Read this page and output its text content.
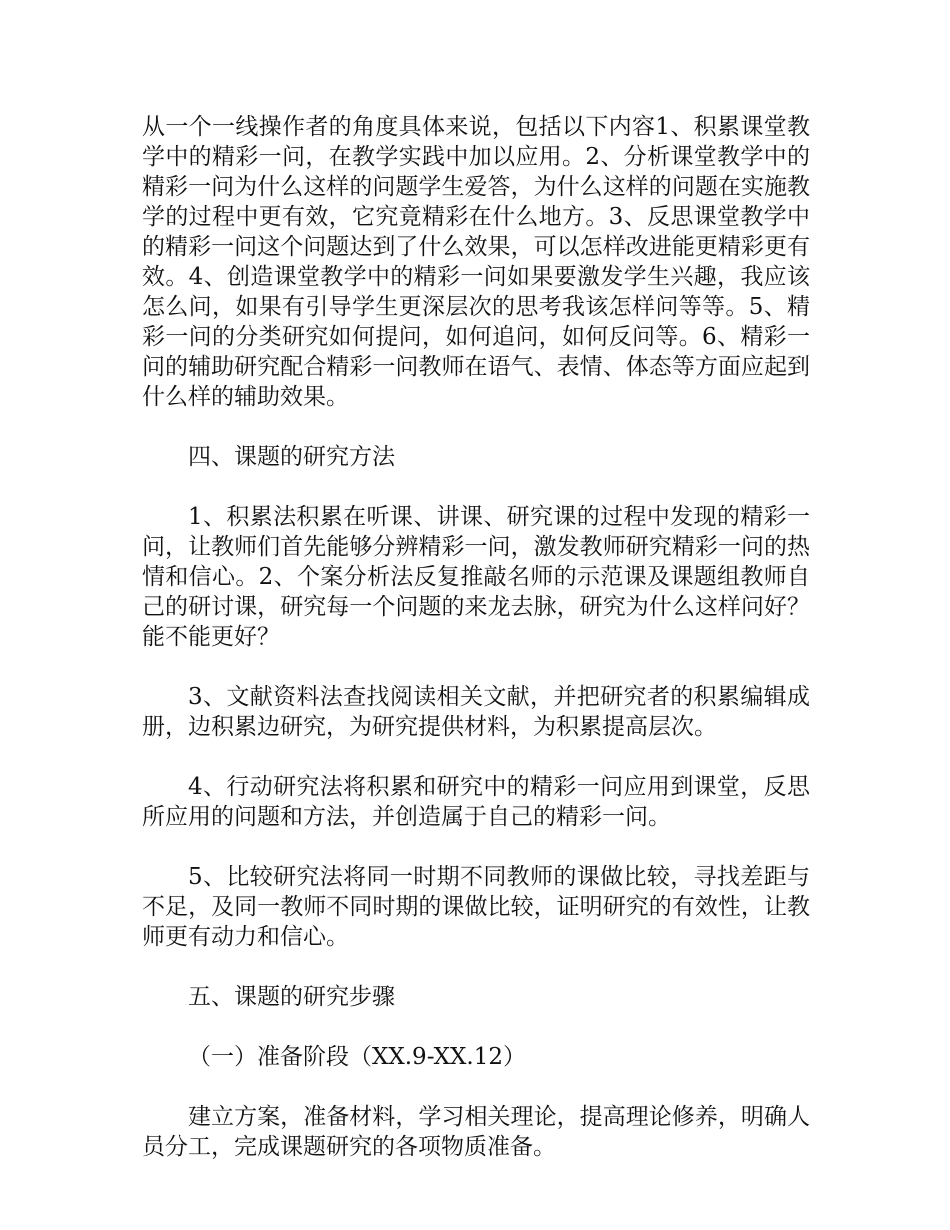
从一个一线操作者的角度具体来说，包括以下内容1、积累课堂教学中的精彩一问，在教学实践中加以应用。2、分析课堂教学中的精彩一问为什么这样的问题学生爱答，为什么这样的问题在实施教学的过程中更有效，它究竟精彩在什么地方。3、反思课堂教学中的精彩一问这个问题达到了什么效果，可以怎样改进能更精彩更有效。4、创造课堂教学中的精彩一问如果要激发学生兴趣，我应该怎么问，如果有引导学生更深层次的思考我该怎样问等等。5、精彩一问的分类研究如何提问，如何追问，如何反问等。6、精彩一问的辅助研究配合精彩一问教师在语气、表情、体态等方面应起到什么样的辅助效果。

四、课题的研究方法

1、积累法积累在听课、讲课、研究课的过程中发现的精彩一问，让教师们首先能够分辨精彩一问，激发教师研究精彩一问的热情和信心。2、个案分析法反复推敲名师的示范课及课题组教师自己的研讨课，研究每一个问题的来龙去脉，研究为什么这样问好？能不能更好？

3、文献资料法查找阅读相关文献，并把研究者的积累编辑成册，边积累边研究，为研究提供材料，为积累提高层次。

4、行动研究法将积累和研究中的精彩一问应用到课堂，反思所应用的问题和方法，并创造属于自己的精彩一问。

5、比较研究法将同一时期不同教师的课做比较，寻找差距与不足，及同一教师不同时期的课做比较，证明研究的有效性，让教师更有动力和信心。

五、课题的研究步骤

（一）准备阶段（XX.9-XX.12）

建立方案，准备材料，学习相关理论，提高理论修养，明确人员分工，完成课题研究的各项物质准备。
